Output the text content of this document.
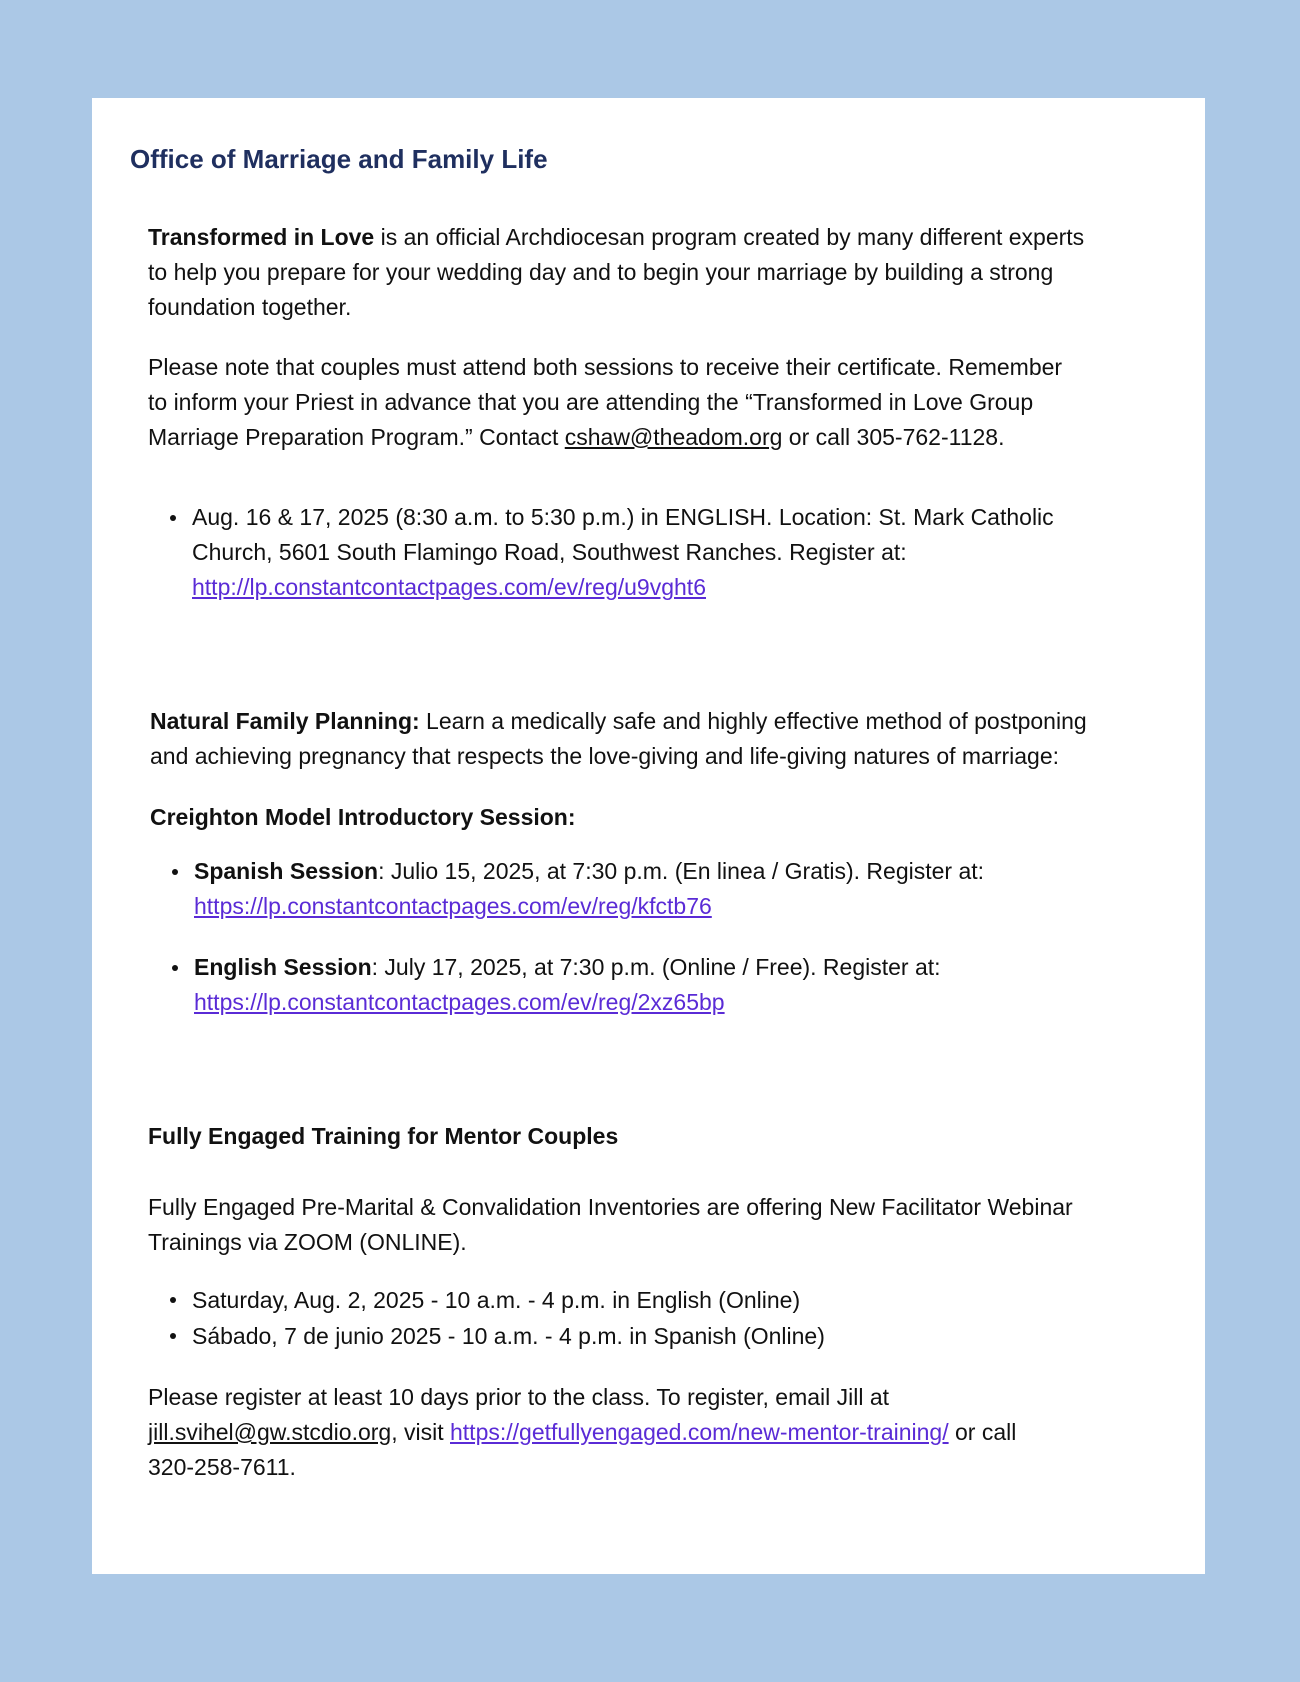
Office of Marriage and Family Life

Transformed in Love is an official Archdiocesan program created by many different experts

to help you prepare for your wedding day and to begin your marriage by building a strong

foundation together.

Please note that couples must attend both sessions to receive their certificate. Remember

to inform your Priest in advance that you are attending the “Transformed in Love Group

Marriage Preparation Program.” Contact cshaw@theadom.org or call 305-762-1128.

Aug. 16 & 17, 2025 (8:30 a.m. to 5:30 p.m.) in ENGLISH. Location: St. Mark Catholic

Church, 5601 South Flamingo Road, Southwest Ranches. Register at:

http://lp.constantcontactpages.com/ev/reg/u9vght6

Natural Family Planning: Learn a medically safe and highly effective method of postponing

and achieving pregnancy that respects the love-giving and life-giving natures of marriage:

Creighton Model Introductory Session:

Spanish Session: Julio 15, 2025, at 7:30 p.m. (En linea / Gratis). Register at:

https://lp.constantcontactpages.com/ev/reg/kfctb76

English Session: July 17, 2025, at 7:30 p.m. (Online / Free). Register at:

https://lp.constantcontactpages.com/ev/reg/2xz65bp

Fully Engaged Training for Mentor Couples

Fully Engaged Pre-Marital & Convalidation Inventories are offering New Facilitator Webinar

Trainings via ZOOM (ONLINE).

Saturday, Aug. 2, 2025 - 10 a.m. - 4 p.m. in English (Online)
Sábado, 7 de junio 2025 - 10 a.m. - 4 p.m. in Spanish (Online)

Please register at least 10 days prior to the class. To register, email Jill at

jill.svihel@gw.stcdio.org, visit https://getfullyengaged.com/new-mentor-training/ or call

320-258-7611.
